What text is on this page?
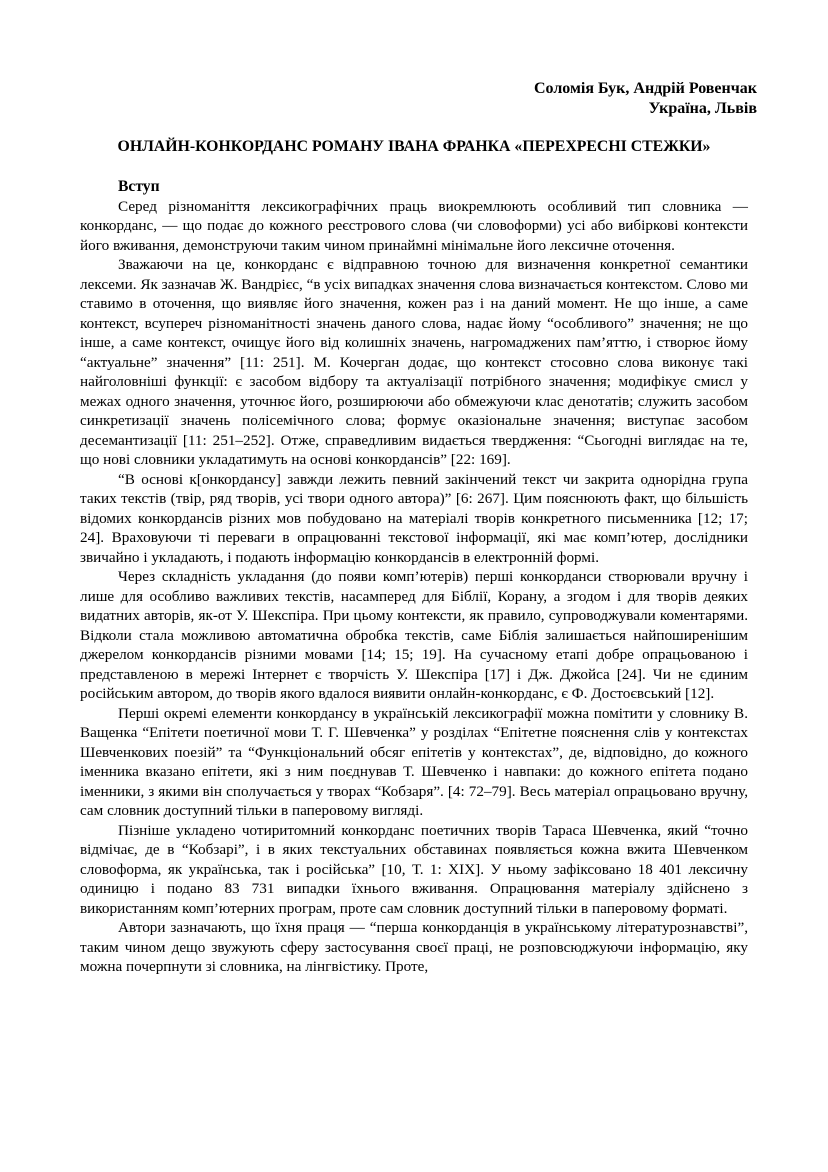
Соломія Бук, Андрій Ровенчак
Україна, Львів
ОНЛАЙН-КОНКОРДАНС РОМАНУ ІВАНА ФРАНКА «ПЕРЕХРЕСНІ СТЕЖКИ»
Вступ

Серед різноманіття лексикографічних праць виокремлюють особливий тип словника — конкорданс, — що подає до кожного реєстрового слова (чи словоформи) усі або вибіркові контексти його вживання, демонструючи таким чином принаймні мінімальне його лексичне оточення.

Зважаючи на це, конкорданс є відправною точною для визначення конкретної семантики лексеми. Як зазначав Ж. Вандрієс, “в усіх випадках значення слова визначається контекстом. Слово ми ставимо в оточення, що виявляє його значення, кожен раз і на даний момент. Не що інше, а саме контекст, всупереч різноманітності значень даного слова, надає йому “особливого” значення; не що інше, а саме контекст, очищує його від колишніх значень, нагромаджених пам’яттю, і створює йому “актуальне” значення” [11: 251]. М. Кочерган додає, що контекст стосовно слова виконує такі найголовніші функції: є засобом відбору та актуалізації потрібного значення; модифікує смисл у межах одного значення, уточнює його, розширюючи або обмежуючи клас денотатів; служить засобом синкретизації значень полісемічного слова; формує оказіональне значення; виступає засобом десемантизації [11: 251–252]. Отже, справедливим видається твердження: “Сьогодні виглядає на те, що нові словники укладатимуть на основі конкордансів” [22: 169].

“В основі к[онкордансу] завжди лежить певний закінчений текст чи закрита однорідна група таких текстів (твір, ряд творів, усі твори одного автора)” [6: 267]. Цим пояснюють факт, що більшість відомих конкордансів різних мов побудовано на матеріалі творів конкретного письменника [12; 17; 24]. Враховуючи ті переваги в опрацюванні текстової інформації, які має комп’ютер, дослідники звичайно і укладають, і подають інформацію конкордансів в електронній формі.

Через складність укладання (до появи комп’ютерів) перші конкорданси створювали вручну і лише для особливо важливих текстів, насамперед для Біблії, Корану, а згодом і для творів деяких видатних авторів, як-от У. Шекспіра. При цьому контексти, як правило, супроводжували коментарями. Відколи стала можливою автоматична обробка текстів, саме Біблія залишається найпоширенішим джерелом конкордансів різними мовами [14; 15; 19]. На сучасному етапі добре опрацьованою і представленою в мережі Інтернет є творчість У. Шекспіра [17] і Дж. Джойса [24]. Чи не єдиним російським автором, до творів якого вдалося виявити онлайн-конкорданс, є Ф. Достоєвський [12].

Перші окремі елементи конкордансу в українській лексикографії можна помітити у словнику В. Ващенка “Епітети поетичної мови Т. Г. Шевченка” у розділах “Епітетне пояснення слів у контекстах Шевченкових поезій” та “Функціональний обсяг епітетів у контекстах”, де, відповідно, до кожного іменника вказано епітети, які з ним поєднував Т. Шевченко і навпаки: до кожного епітета подано іменники, з якими він сполучається у творах “Кобзаря”. [4: 72–79]. Весь матеріал опрацьовано вручну, сам словник доступний тільки в паперовому вигляді.

Пізніше укладено чотиритомний конкорданс поетичних творів Тараса Шевченка, який “точно відмічає, де в “Кобзарі”, і в яких текстуальних обставинах появляється кожна вжита Шевченком словоформа, як українська, так і російська” [10, Т. 1: XIX]. У ньому зафіксовано 18 401 лексичну одиницю і подано 83 731 випадки їхнього вживання. Опрацювання матеріалу здійснено з використанням комп’ютерних програм, проте сам словник доступний тільки в паперовому форматі.

Автори зазначають, що їхня праця — “перша конкорданція в українському літературознавстві”, таким чином дещо звужують сферу застосування своєї праці, не розповсюджуючи інформацію, яку можна почерпнути зі словника, на лінгвістику. Проте,
